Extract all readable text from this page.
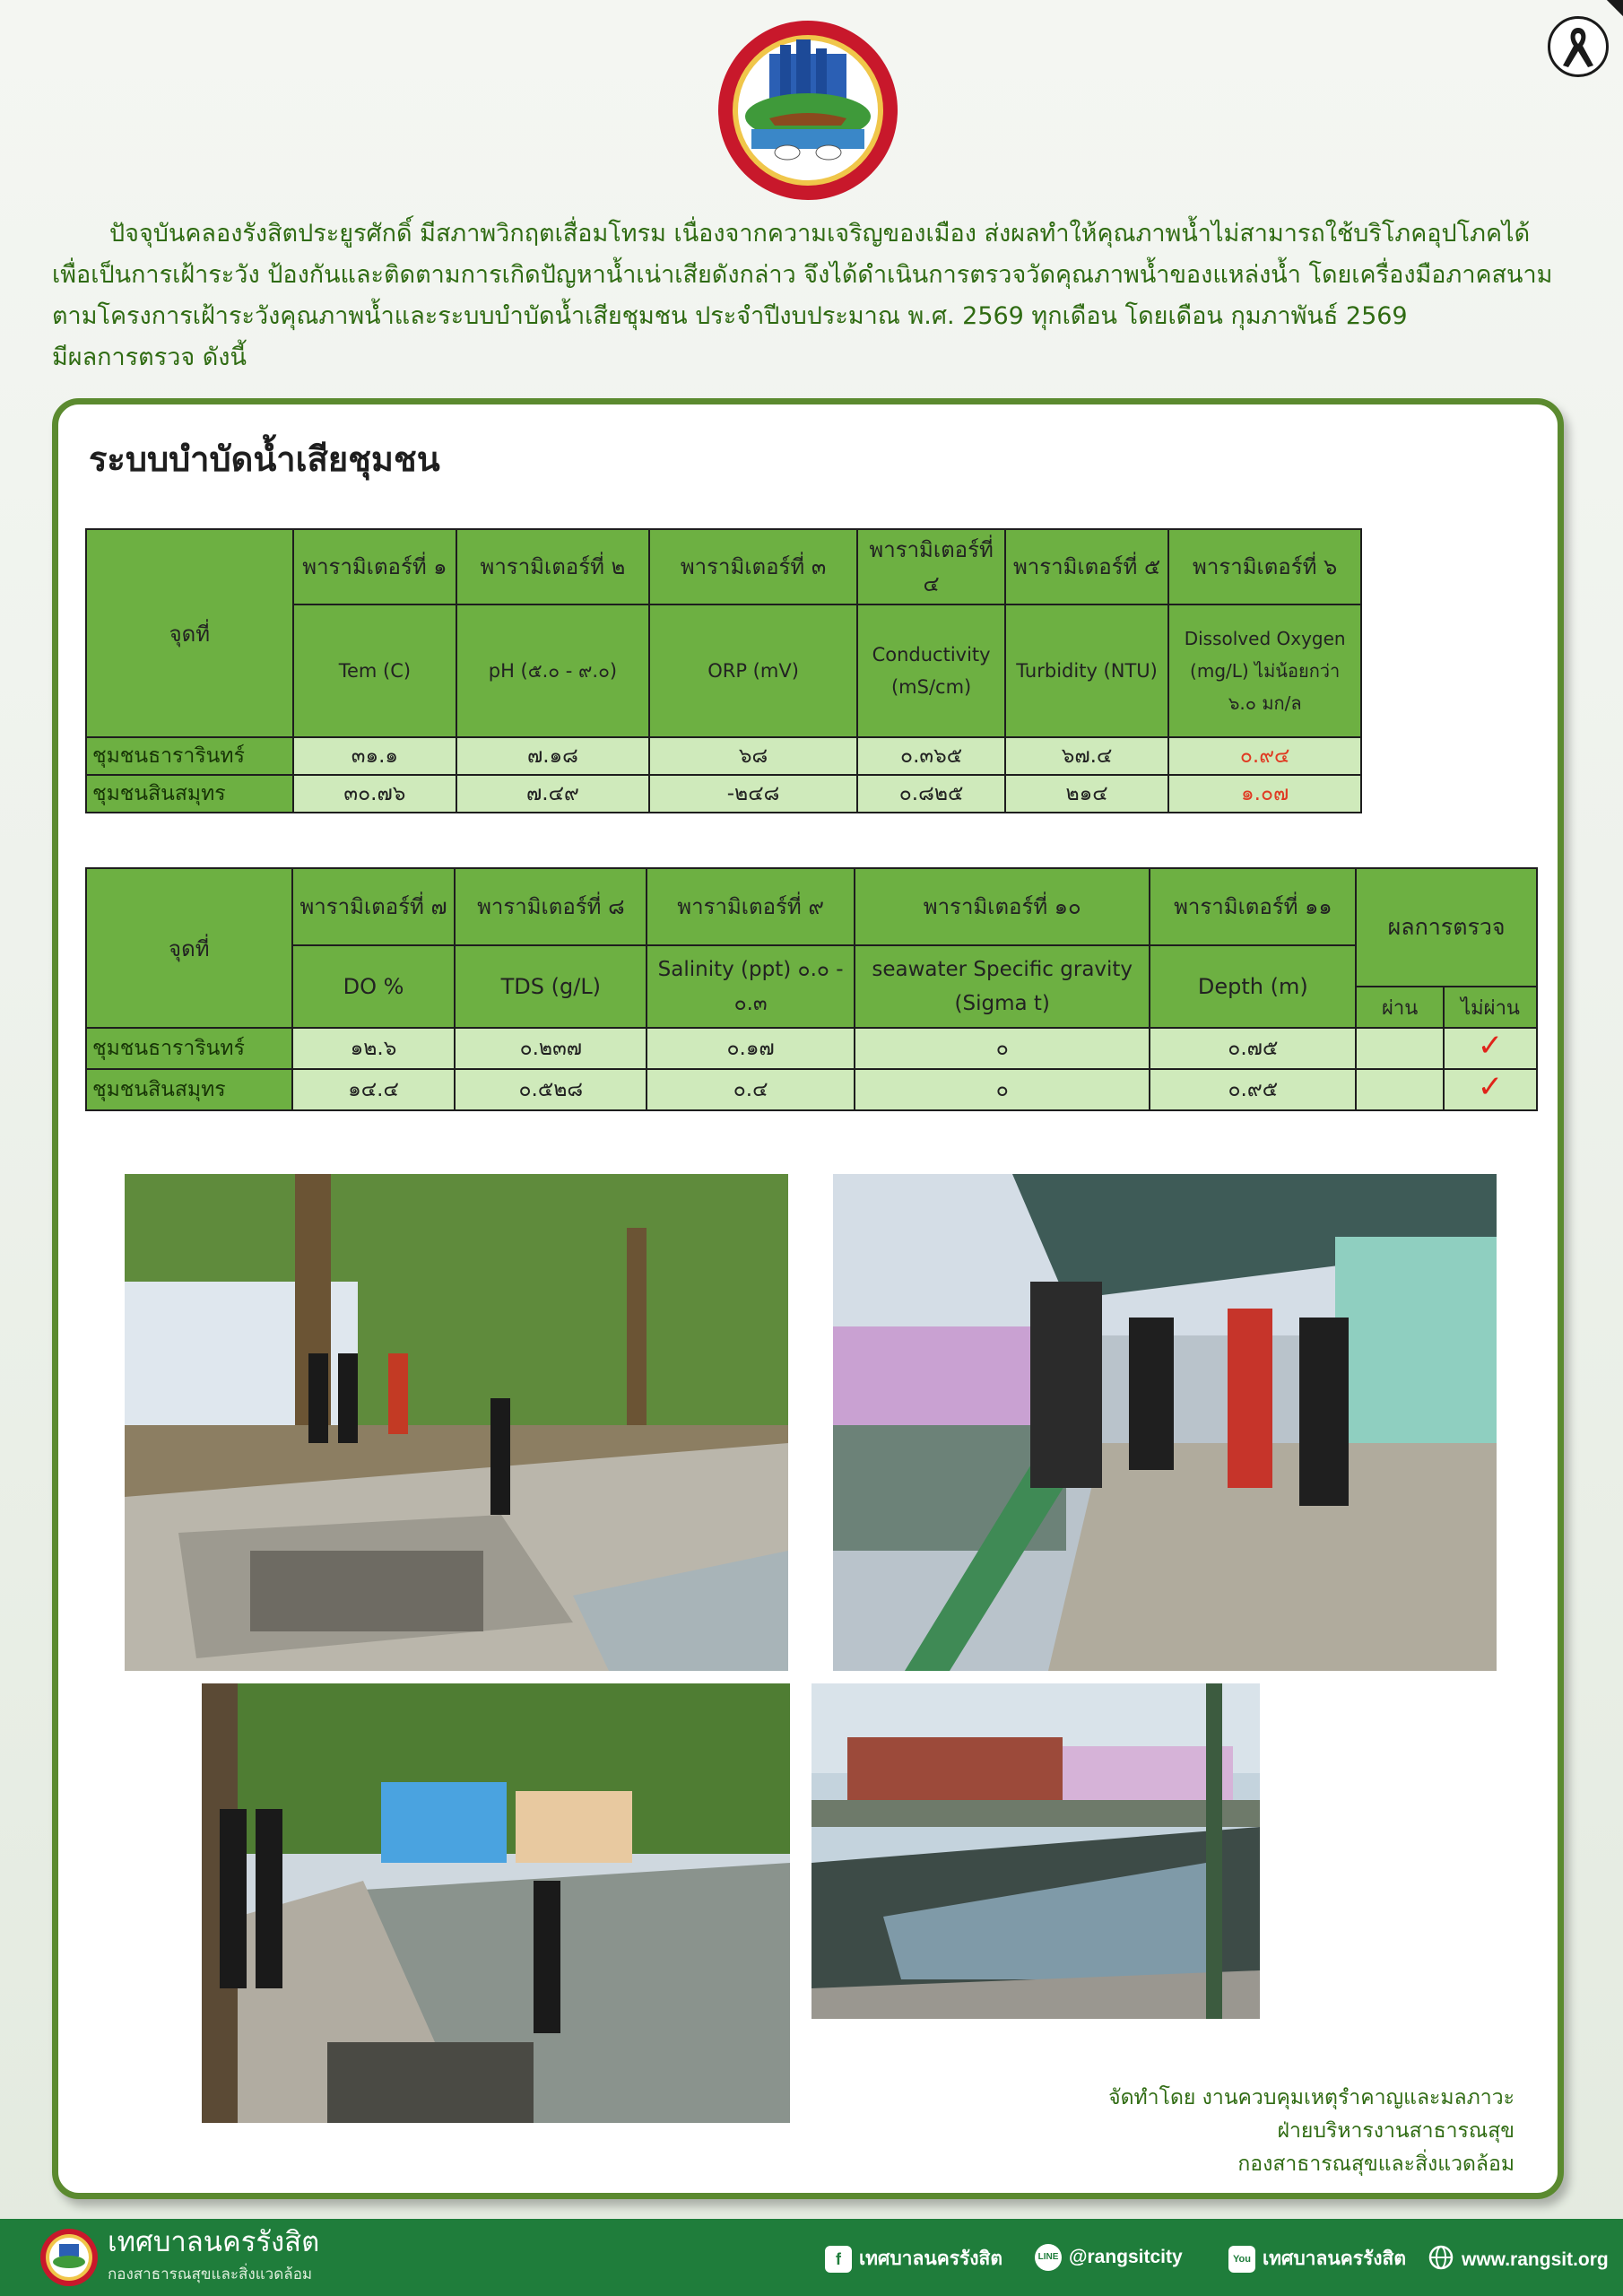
ปัจจุบันคลองรังสิตประยูรศักดิ์ มีสภาพวิกฤตเสื่อมโทรม เนื่องจากความเจริญของเมือง ส่งผลทำให้คุณภาพน้ำไม่สามารถใช้บริโภคอุปโภคได้

เพื่อเป็นการเฝ้าระวัง ป้องกันและติดตามการเกิดปัญหาน้ำเน่าเสียดังกล่าว จึงได้ดำเนินการตรวจวัดคุณภาพน้ำของแหล่งน้ำ โดยเครื่องมือภาคสนาม

ตามโครงการเฝ้าระวังคุณภาพน้ำและระบบบำบัดน้ำเสียชุมชน ประจำปีงบประมาณ พ.ศ. 2569 ทุกเดือน โดยเดือน กุมภาพันธ์ 2569

มีผลการตรวจ ดังนี้

ระบบบำบัดน้ำเสียชุมชน
จุดที่	พารามิเตอร์ที่ ๑	พารามิเตอร์ที่ ๒	พารามิเตอร์ที่ ๓	พารามิเตอร์ที่ ๔	พารามิเตอร์ที่ ๕	พารามิเตอร์ที่ ๖
	Tem (C)	pH (๕.๐ - ๙.๐)	ORP (mV)	Conductivity (mS/cm)	Turbidity (NTU)	Dissolved Oxygen (mg/L) ไม่น้อยกว่า ๖.๐ มก/ล
ชุมชนธารารินทร์	๓๑.๑	๗.๑๘	๖๘	๐.๓๖๕	๖๗.๔	๐.๙๔
ชุมชนสินสมุทร	๓๐.๗๖	๗.๔๙	-๒๔๘	๐.๘๒๕	๒๑๔	๑.๐๗
จุดที่	พารามิเตอร์ที่ ๗	พารามิเตอร์ที่ ๘	พารามิเตอร์ที่ ๙	พารามิเตอร์ที่ ๑๐	พารามิเตอร์ที่ ๑๑	ผลการตรวจ	
	DO %	TDS (g/L)	Salinity (ppt) ๐.๐ - ๐.๓	seawater Specific gravity (Sigma t)	Depth (m)		
						ผ่าน	ไม่ผ่าน
ชุมชนธารารินทร์	๑๒.๖	๐.๒๓๗	๐.๑๗	๐	๐.๗๕		✓
ชุมชนสินสมุทร	๑๔.๔	๐.๕๒๘	๐.๔	๐	๐.๙๕		✓
จัดทำโดย งานควบคุมเหตุรำคาญและมลภาวะ
ฝ่ายบริหารงานสาธารณสุข
กองสาธารณสุขและสิ่งแวดล้อม
เทศบาลนครรังสิต
กองสาธารณสุขและสิ่งแวดล้อม
f เทศบาลนครรังสิต	LINE @rangsitcity	You เทศบาลนครรังสิต	www.rangsit.org
